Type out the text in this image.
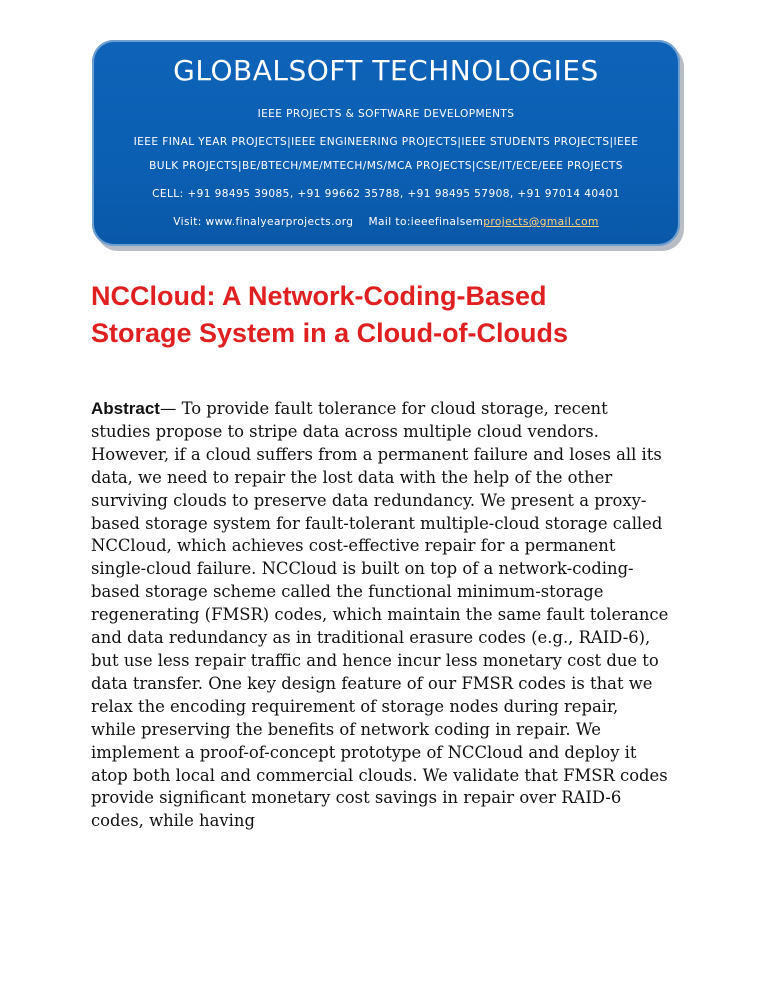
GLOBALSOFT TECHNOLOGIES
IEEE PROJECTS & SOFTWARE DEVELOPMENTS
IEEE FINAL YEAR PROJECTS|IEEE ENGINEERING PROJECTS|IEEE STUDENTS PROJECTS|IEEE
BULK PROJECTS|BE/BTECH/ME/MTECH/MS/MCA PROJECTS|CSE/IT/ECE/EEE PROJECTS
CELL: +91 98495 39085, +91 99662 35788, +91 98495 57908, +91 97014 40401
Visit: www.finalyearprojects.org Mail to:ieeefinalsemprojects@gmail.com
NCCloud: A Network-Coding-Based
Storage System in a Cloud-of-Clouds

Abstract— To provide fault tolerance for cloud storage, recent
studies propose to stripe data across multiple cloud vendors.
However, if a cloud suffers from a permanent failure and loses all its
data, we need to repair the lost data with the help of the other
surviving clouds to preserve data redundancy. We present a proxy-
based storage system for fault-tolerant multiple-cloud storage called
NCCloud, which achieves cost-effective repair for a permanent
single-cloud failure. NCCloud is built on top of a network-coding-
based storage scheme called the functional minimum-storage
regenerating (FMSR) codes, which maintain the same fault tolerance
and data redundancy as in traditional erasure codes (e.g., RAID-6),
but use less repair traffic and hence incur less monetary cost due to
data transfer. One key design feature of our FMSR codes is that we
relax the encoding requirement of storage nodes during repair,
while preserving the benefits of network coding in repair. We
implement a proof-of-concept prototype of NCCloud and deploy it
atop both local and commercial clouds. We validate that FMSR codes
provide significant monetary cost savings in repair over RAID-6
codes, while having
